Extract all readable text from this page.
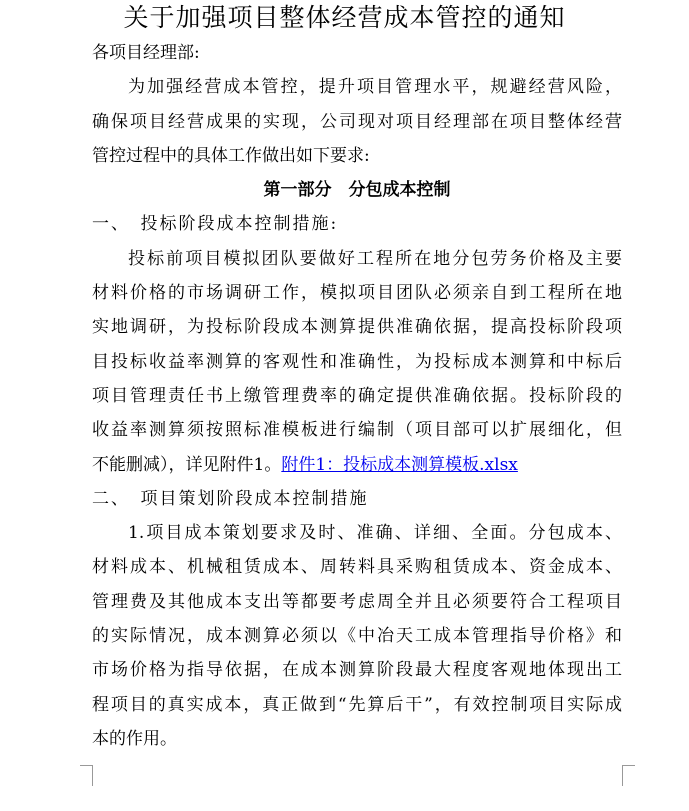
关于加强项目整体经营成本管控的通知
各项目经理部:
为加强经营成本管控，提升项目管理水平，规避经营风险，
确保项目经营成果的实现，公司现对项目经理部在项目整体经营
管控过程中的具体工作做出如下要求:
第一部分　分包成本控制
一、　投标阶段成本控制措施:
投标前项目模拟团队要做好工程所在地分包劳务价格及主要
材料价格的市场调研工作，模拟项目团队必须亲自到工程所在地
实地调研，为投标阶段成本测算提供准确依据，提高投标阶段项
目投标收益率测算的客观性和准确性，为投标成本测算和中标后
项目管理责任书上缴管理费率的确定提供准确依据。投标阶段的
收益率测算须按照标准模板进行编制（项目部可以扩展细化，但
不能删减），详见附件1。附件1：投标成本测算模板.xlsx
二、　项目策划阶段成本控制措施
1.项目成本策划要求及时、准确、详细、全面。分包成本、
材料成本、机械租赁成本、周转料具采购租赁成本、资金成本、
管理费及其他成本支出等都要考虑周全并且必须要符合工程项目
的实际情况，成本测算必须以《中冶天工成本管理指导价格》和
市场价格为指导依据，在成本测算阶段最大程度客观地体现出工
程项目的真实成本，真正做到“先算后干”，有效控制项目实际成
本的作用。
